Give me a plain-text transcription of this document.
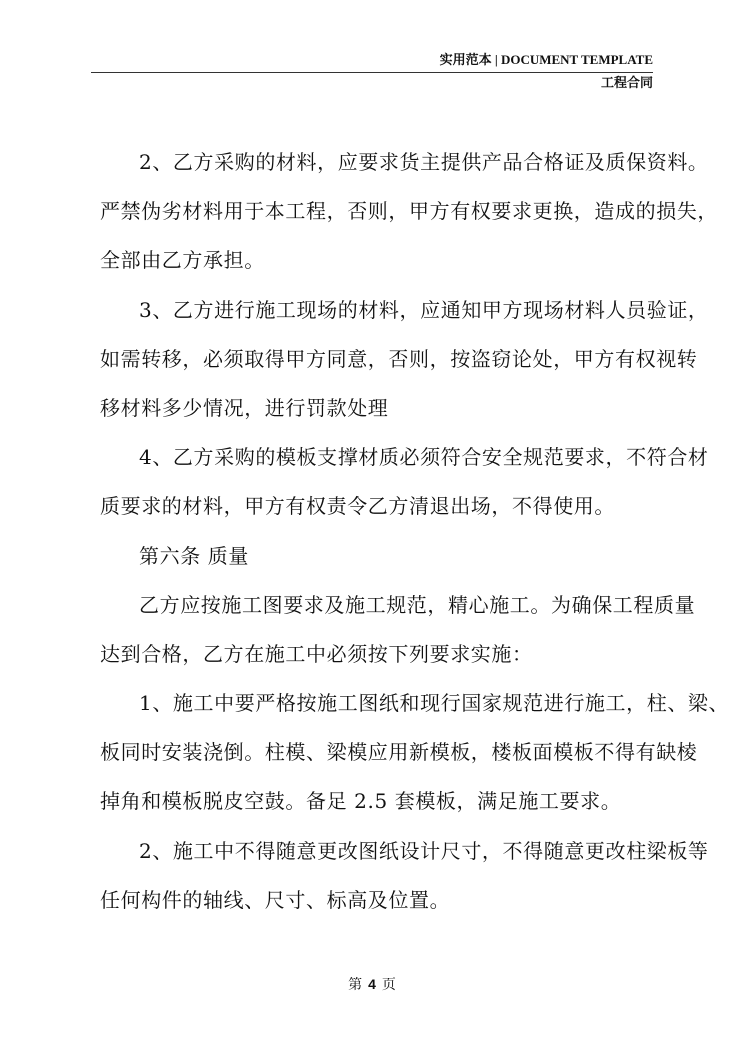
实用范本 | DOCUMENT TEMPLATE
工程合同
2、乙方采购的材料，应要求货主提供产品合格证及质保资料。
严禁伪劣材料用于本工程，否则，甲方有权要求更换，造成的损失，
全部由乙方承担。
3、乙方进行施工现场的材料，应通知甲方现场材料人员验证，
如需转移，必须取得甲方同意，否则，按盗窃论处，甲方有权视转
移材料多少情况，进行罚款处理
4、乙方采购的模板支撑材质必须符合安全规范要求，不符合材
质要求的材料，甲方有权责令乙方清退出场，不得使用。
第六条 质量
乙方应按施工图要求及施工规范，精心施工。为确保工程质量
达到合格，乙方在施工中必须按下列要求实施：
1、施工中要严格按施工图纸和现行国家规范进行施工，柱、梁、
板同时安装浇倒。柱模、梁模应用新模板，楼板面模板不得有缺棱
掉角和模板脱皮空鼓。备足 2.5 套模板，满足施工要求。
2、施工中不得随意更改图纸设计尺寸，不得随意更改柱梁板等
任何构件的轴线、尺寸、标高及位置。
第 4 页
